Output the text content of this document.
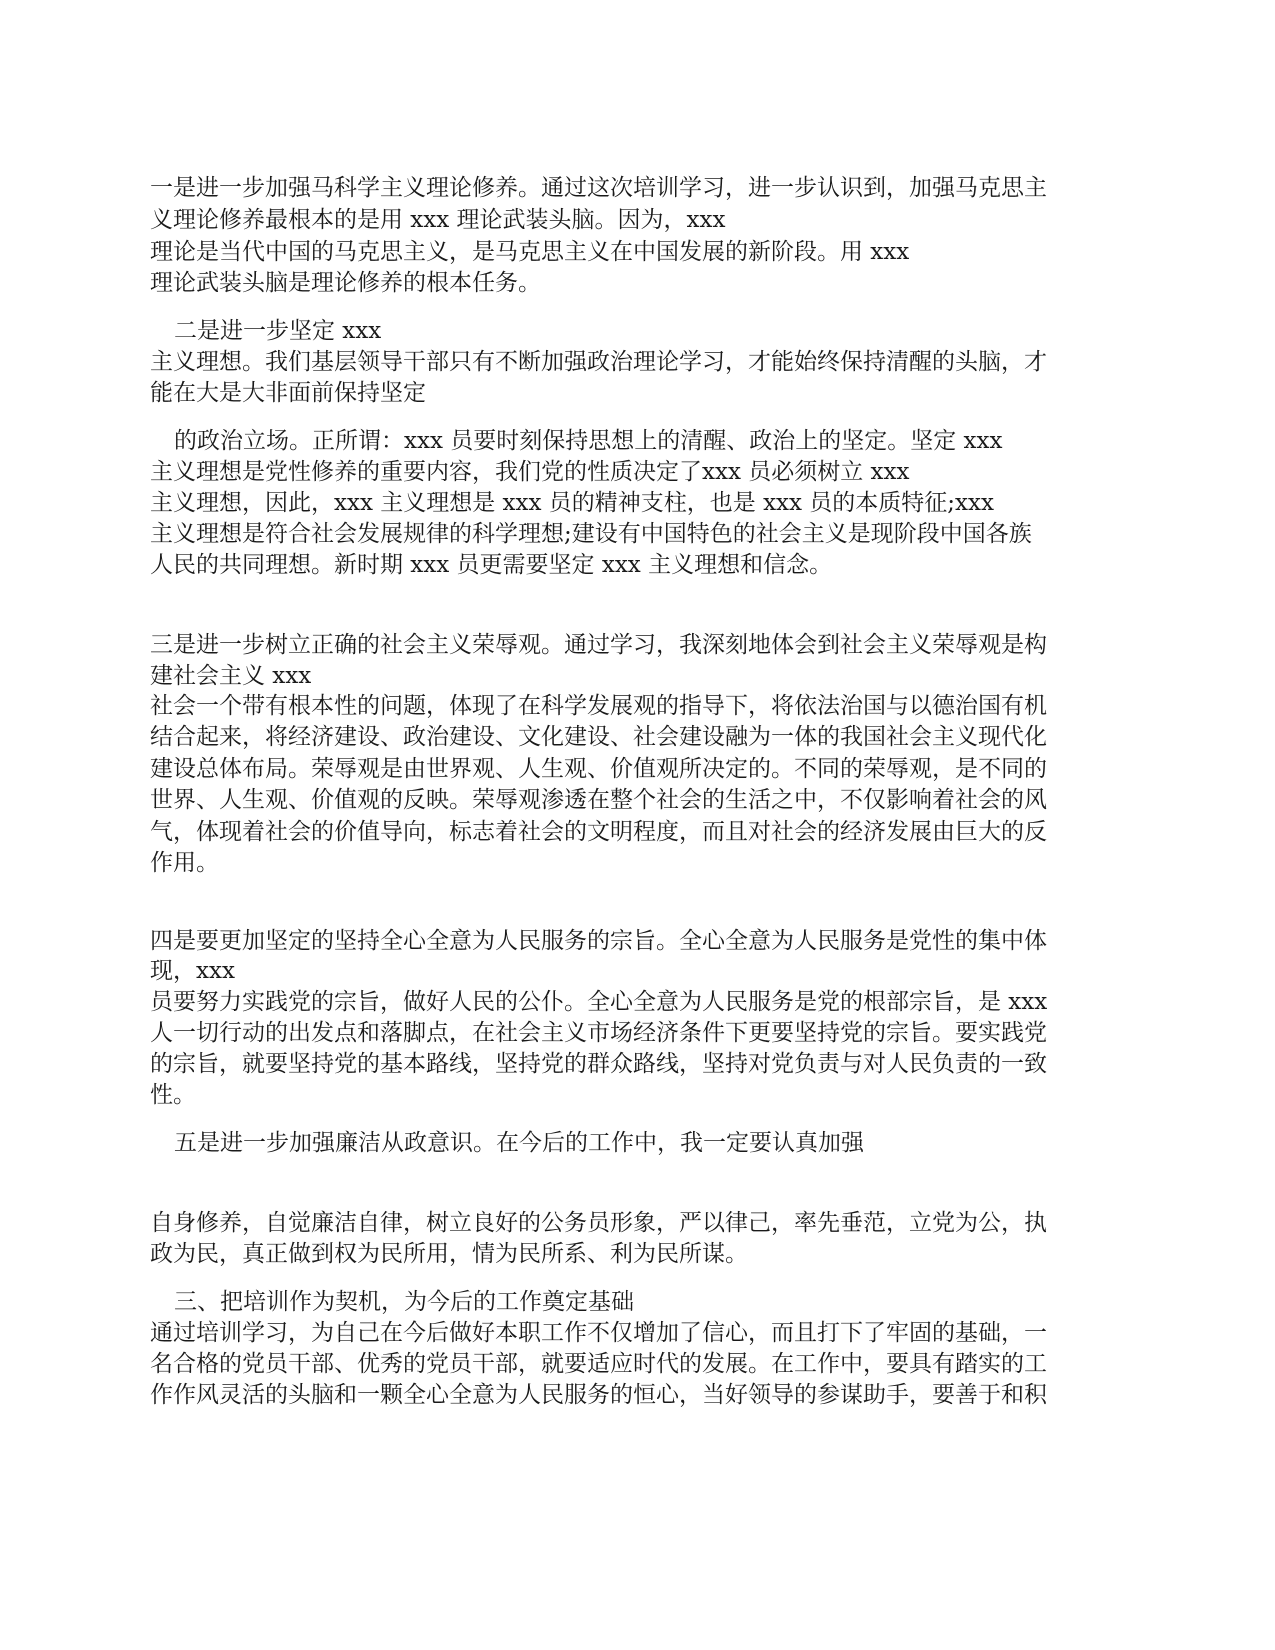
一是进一步加强马科学主义理论修养。通过这次培训学习，进一步认识到，加强马克思主

义理论修养最根本的是用 xxx 理论武装头脑。因为，xxx

理论是当代中国的马克思主义，是马克思主义在中国发展的新阶段。用 xxx

理论武装头脑是理论修养的根本任务。

二是进一步坚定 xxx

主义理想。我们基层领导干部只有不断加强政治理论学习，才能始终保持清醒的头脑，才

能在大是大非面前保持坚定

的政治立场。正所谓：xxx 员要时刻保持思想上的清醒、政治上的坚定。坚定 xxx

主义理想是党性修养的重要内容，我们党的性质决定了xxx 员必须树立 xxx

主义理想，因此，xxx 主义理想是 xxx 员的精神支柱，也是 xxx 员的本质特征;xxx

主义理想是符合社会发展规律的科学理想;建设有中国特色的社会主义是现阶段中国各族

人民的共同理想。新时期 xxx 员更需要坚定 xxx 主义理想和信念。

三是进一步树立正确的社会主义荣辱观。通过学习，我深刻地体会到社会主义荣辱观是构

建社会主义 xxx

社会一个带有根本性的问题，体现了在科学发展观的指导下，将依法治国与以德治国有机

结合起来，将经济建设、政治建设、文化建设、社会建设融为一体的我国社会主义现代化

建设总体布局。荣辱观是由世界观、人生观、价值观所决定的。不同的荣辱观，是不同的

世界、人生观、价值观的反映。荣辱观渗透在整个社会的生活之中，不仅影响着社会的风

气，体现着社会的价值导向，标志着社会的文明程度，而且对社会的经济发展由巨大的反

作用。

四是要更加坚定的坚持全心全意为人民服务的宗旨。全心全意为人民服务是党性的集中体

现，xxx

员要努力实践党的宗旨，做好人民的公仆。全心全意为人民服务是党的根部宗旨，是 xxx

人一切行动的出发点和落脚点，在社会主义市场经济条件下更要坚持党的宗旨。要实践党

的宗旨，就要坚持党的基本路线，坚持党的群众路线，坚持对党负责与对人民负责的一致

性。

五是进一步加强廉洁从政意识。在今后的工作中，我一定要认真加强

自身修养，自觉廉洁自律，树立良好的公务员形象，严以律己，率先垂范，立党为公，执

政为民，真正做到权为民所用，情为民所系、利为民所谋。

三、把培训作为契机，为今后的工作奠定基础

通过培训学习，为自己在今后做好本职工作不仅增加了信心，而且打下了牢固的基础，一

名合格的党员干部、优秀的党员干部，就要适应时代的发展。在工作中，要具有踏实的工

作作风灵活的头脑和一颗全心全意为人民服务的恒心，当好领导的参谋助手，要善于和积
